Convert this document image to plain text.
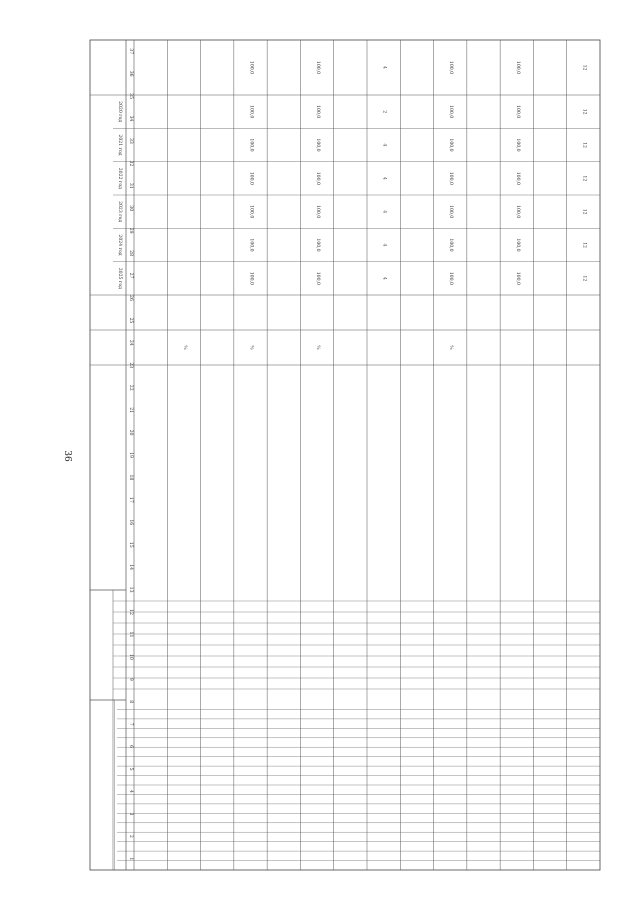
36
2020 год
2021 год
2022 год
2023 год
2024 год
2025 год
1
2
3
4
5
6
7
8
9
10
11
12
13
14
15
16
17
18
19
20
21
22
23
24
25
26
27
28
29
30
31
32
33
34
35
36
37
%	%
100,0
100,0
100,0
100,0
100,0
100,0
100,0
%
100,0
100,0
100,0
100,0
100,0
100,0
100,0
2
4
4
4
4
4
4
%
100,0
100,0
100,0
100,0
100,0
100,0
100,0
100,0
100,0
100,0
100,0
100,0
100,0
100,0
12
12
12
12
12
12
12
